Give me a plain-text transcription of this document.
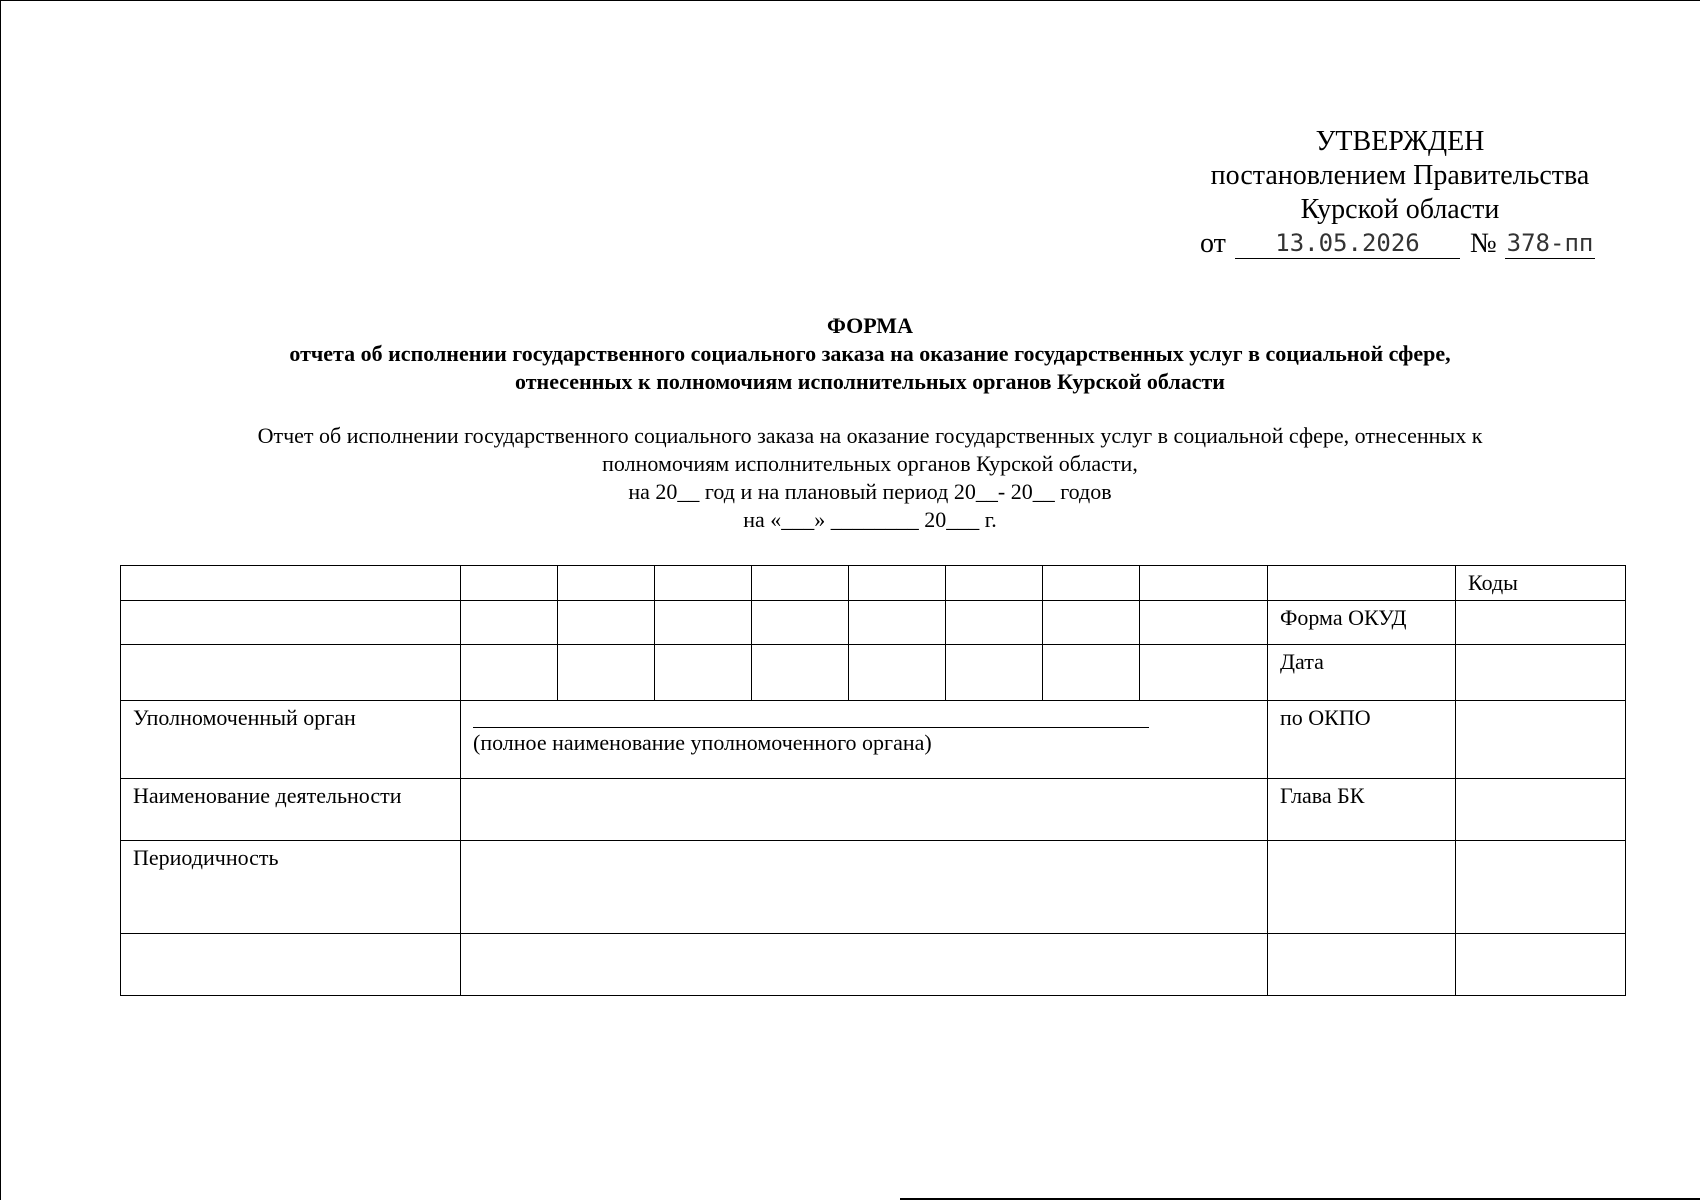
УТВЕРЖДЕН
постановлением Правительства
Курской области
от	13.05.2026	№ 378-пп
ФОРМА
отчета об исполнении государственного социального заказа на оказание государственных услуг в социальной сфере,
отнесенных к полномочиям исполнительных органов Курской области
Отчет об исполнении государственного социального заказа на оказание государственных услуг в социальной сфере, отнесенных к
полномочиям исполнительных органов Курской области,
на 20__ год и на плановый период 20__- 20__ годов
на «___» ________ 20___ г.
										Коды
									Форма ОКУД	
									Дата	
Уполномоченный орган	(полное наименование уполномоченного органа)								по ОКПО	
Наименование деятельности									Глава БК	
Периодичность										
